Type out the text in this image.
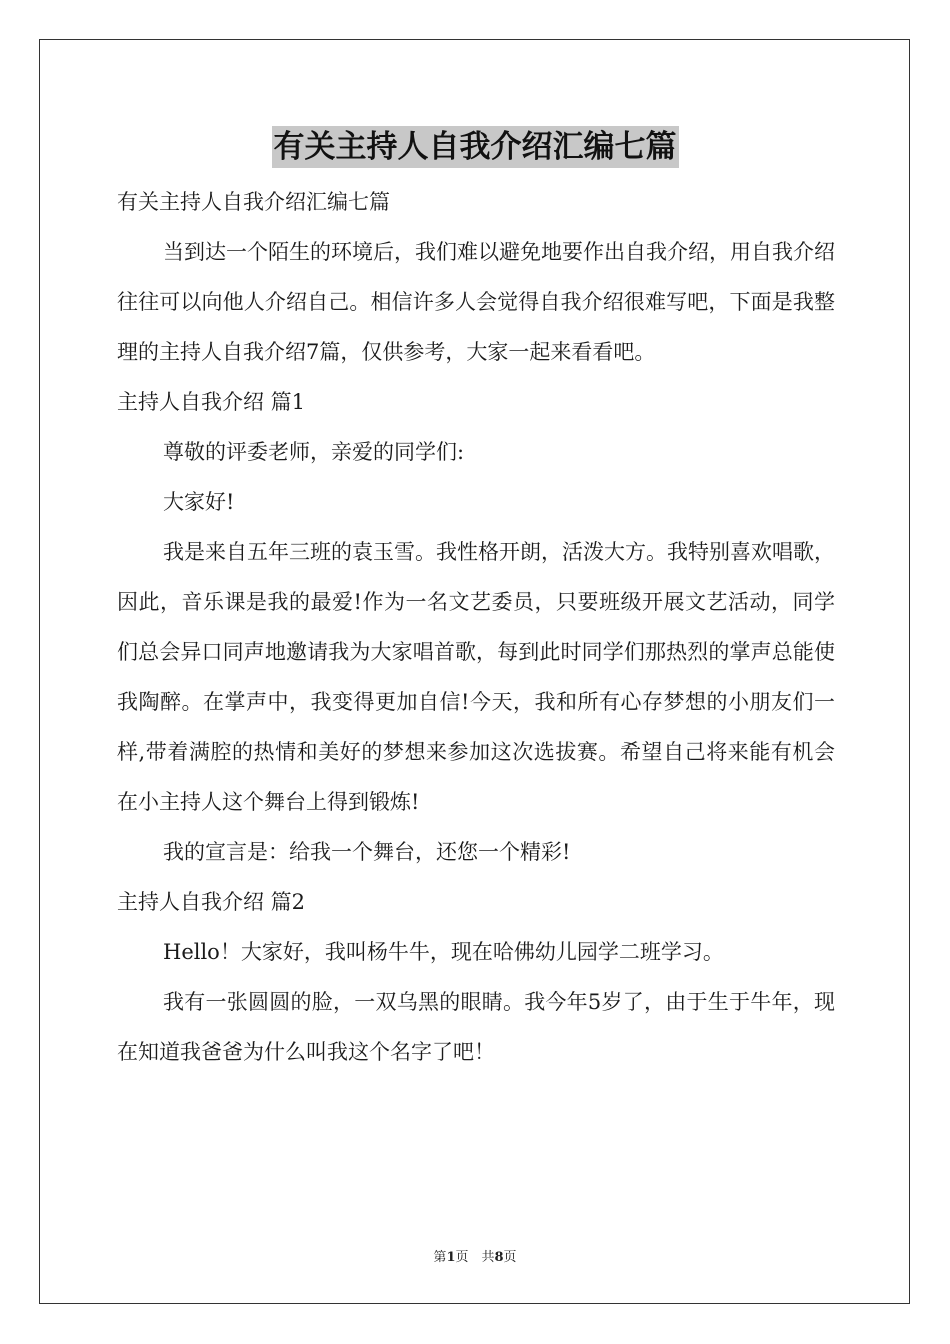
有关主持人自我介绍汇编七篇

有关主持人自我介绍汇编七篇

当到达一个陌生的环境后，我们难以避免地要作出自我介绍，用自我介绍往往可以向他人介绍自己。相信许多人会觉得自我介绍很难写吧，下面是我整理的主持人自我介绍7篇，仅供参考，大家一起来看看吧。

主持人自我介绍 篇1

尊敬的评委老师，亲爱的同学们:

大家好!

我是来自五年三班的袁玉雪。我性格开朗，活泼大方。我特别喜欢唱歌，因此，音乐课是我的最爱!作为一名文艺委员，只要班级开展文艺活动，同学们总会异口同声地邀请我为大家唱首歌，每到此时同学们那热烈的掌声总能使我陶醉。在掌声中，我变得更加自信!今天，我和所有心存梦想的小朋友们一样,带着满腔的热情和美好的梦想来参加这次选拔赛。希望自己将来能有机会在小主持人这个舞台上得到锻炼!

我的宣言是：给我一个舞台，还您一个精彩!

主持人自我介绍 篇2

Hello！大家好，我叫杨牛牛，现在哈佛幼儿园学二班学习。

我有一张圆圆的脸，一双乌黑的眼睛。我今年5岁了，由于生于牛年，现在知道我爸爸为什么叫我这个名字了吧！

第1页　共8页
